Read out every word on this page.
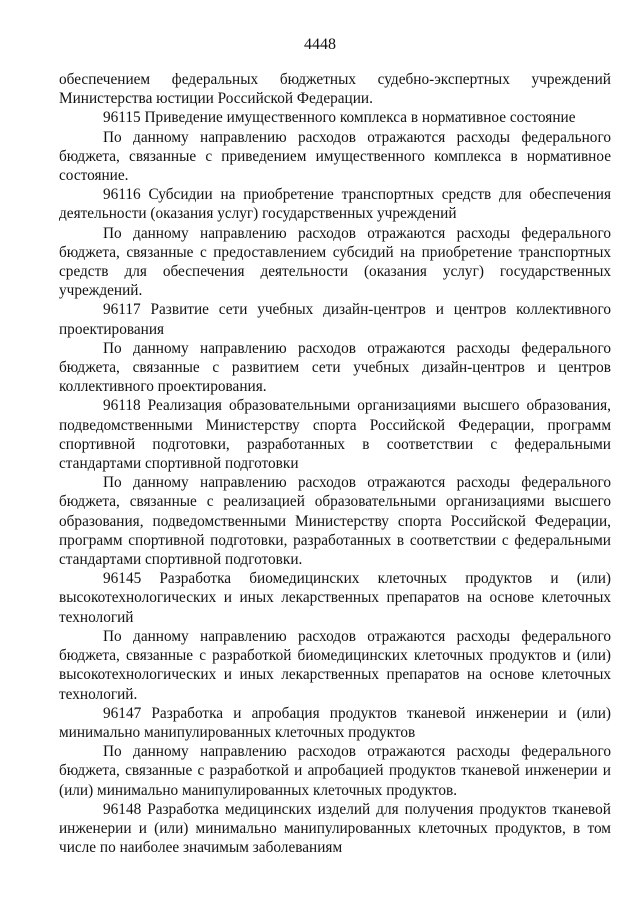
4448

обеспечением федеральных бюджетных судебно-экспертных учреждений Министерства юстиции Российской Федерации.

96115 Приведение имущественного комплекса в нормативное состояние

По данному направлению расходов отражаются расходы федерального бюджета, связанные с приведением имущественного комплекса в нормативное состояние.

96116 Субсидии на приобретение транспортных средств для обеспечения деятельности (оказания услуг) государственных учреждений

По данному направлению расходов отражаются расходы федерального бюджета, связанные с предоставлением субсидий на приобретение транспортных средств для обеспечения деятельности (оказания услуг) государственных учреждений.

96117 Развитие сети учебных дизайн-центров и центров коллективного проектирования

По данному направлению расходов отражаются расходы федерального бюджета, связанные с развитием сети учебных дизайн-центров и центров коллективного проектирования.

96118 Реализация образовательными организациями высшего образования, подведомственными Министерству спорта Российской Федерации, программ спортивной подготовки, разработанных в соответствии с федеральными стандартами спортивной подготовки

По данному направлению расходов отражаются расходы федерального бюджета, связанные с реализацией образовательными организациями высшего образования, подведомственными Министерству спорта Российской Федерации, программ спортивной подготовки, разработанных в соответствии с федеральными стандартами спортивной подготовки.

96145 Разработка биомедицинских клеточных продуктов и (или) высокотехнологических и иных лекарственных препаратов на основе клеточных технологий

По данному направлению расходов отражаются расходы федерального бюджета, связанные с разработкой биомедицинских клеточных продуктов и (или) высокотехнологических и иных лекарственных препаратов на основе клеточных технологий.

96147 Разработка и апробация продуктов тканевой инженерии и (или) минимально манипулированных клеточных продуктов

По данному направлению расходов отражаются расходы федерального бюджета, связанные с разработкой и апробацией продуктов тканевой инженерии и (или) минимально манипулированных клеточных продуктов.

96148 Разработка медицинских изделий для получения продуктов тканевой инженерии и (или) минимально манипулированных клеточных продуктов, в том числе по наиболее значимым заболеваниям
